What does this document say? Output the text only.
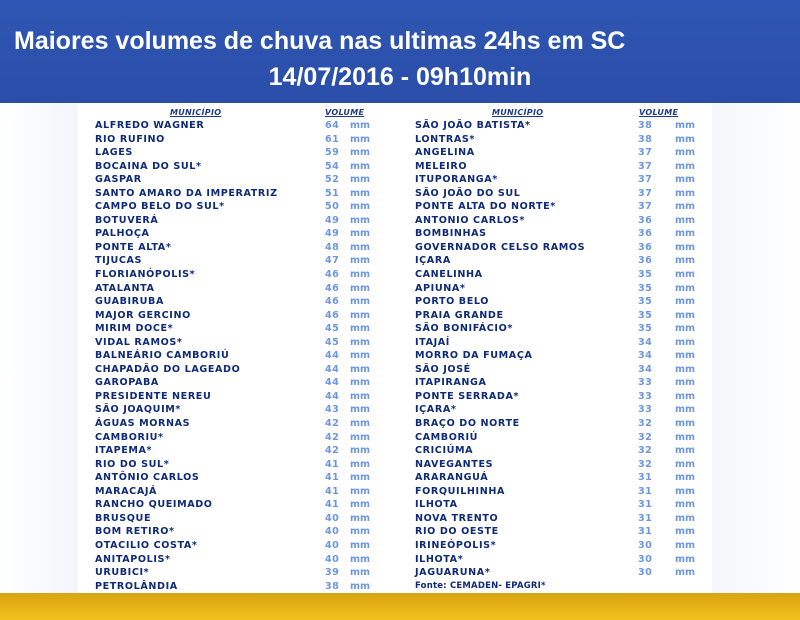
Maiores volumes de chuva nas ultimas 24hs em SC
14/07/2016 - 09h10min
MUNICÍPIO	VOLUME
ALFREDO WAGNER	64 mm
RIO RUFINO	61 mm
LAGES	59 mm
BOCAINA DO SUL*	54 mm
GASPAR	52 mm
SANTO AMARO DA IMPERATRIZ	51 mm
CAMPO BELO DO SUL*	50 mm
BOTUVERÁ	49 mm
PALHOÇA	49 mm
PONTE ALTA*	48 mm
TIJUCAS	47 mm
FLORIANÓPOLIS*	46 mm
ATALANTA	46 mm
GUABIRUBA	46 mm
MAJOR GERCINO	46 mm
MIRIM DOCE*	45 mm
VIDAL RAMOS*	45 mm
BALNEÁRIO CAMBORIÚ	44 mm
CHAPADÃO DO LAGEADO	44 mm
GAROPABA	44 mm
PRESIDENTE NEREU	44 mm
SÃO JOAQUIM*	43 mm
ÁGUAS MORNAS	42 mm
CAMBORIU*	42 mm
ITAPEMA*	42 mm
RIO DO SUL*	41 mm
ANTÔNIO CARLOS	41 mm
MARACAJÁ	41 mm
RANCHO QUEIMADO	41 mm
BRUSQUE	40 mm
BOM RETIRO*	40 mm
OTACILIO COSTA*	40 mm
ANITAPOLIS*	40 mm
URUBICI*	39 mm
PETROLÂNDIA	38 mm
MUNICÍPIO	VOLUME
SÃO JOÃO BATISTA*	38 mm
LONTRAS*	38 mm
ANGELINA	37 mm
MELEIRO	37 mm
ITUPORANGA*	37 mm
SÃO JOÃO DO SUL	37 mm
PONTE ALTA DO NORTE*	37 mm
ANTONIO CARLOS*	36 mm
BOMBINHAS	36 mm
GOVERNADOR CELSO RAMOS	36 mm
IÇARA	36 mm
CANELINHA	35 mm
APIUNA*	35 mm
PORTO BELO	35 mm
PRAIA GRANDE	35 mm
SÃO BONIFÁCIO*	35 mm
ITAJAÍ	34 mm
MORRO DA FUMAÇA	34 mm
SÃO JOSÉ	34 mm
ITAPIRANGA	33 mm
PONTE SERRADA*	33 mm
IÇARA*	33 mm
BRAÇO DO NORTE	32 mm
CAMBORIÚ	32 mm
CRICIÚMA	32 mm
NAVEGANTES	32 mm
ARARANGUÁ	31 mm
FORQUILHINHA	31 mm
ILHOTA	31 mm
NOVA TRENTO	31 mm
RIO DO OESTE	31 mm
IRINEÓPOLIS*	30 mm
ILHOTA*	30 mm
JAGUARUNA*	30 mm
Fonte: CEMADEN- EPAGRI*
